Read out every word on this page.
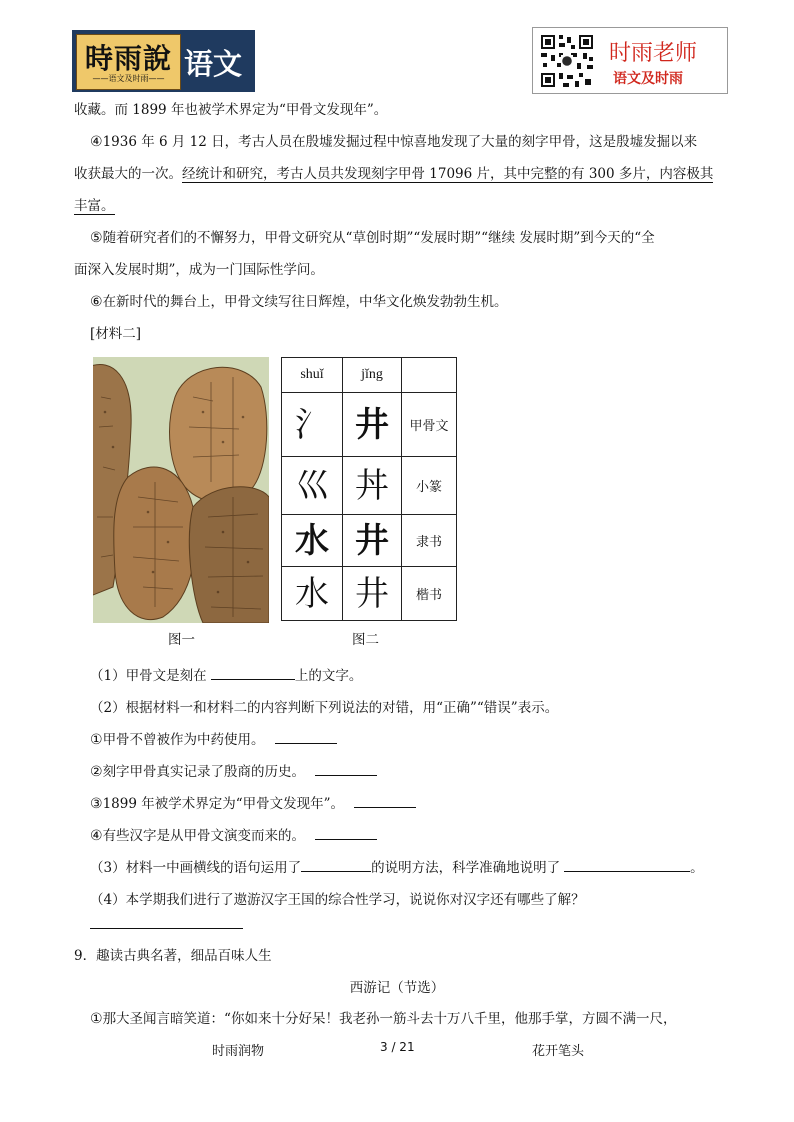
時雨說
——语文及时雨—— 语文	时雨老师
语文及时雨
收藏。而 1899 年也被学术界定为“甲骨文发现年”。
④1936 年 6 月 12 日，考古人员在殷墟发掘过程中惊喜地发现了大量的刻字甲骨，这是殷墟发掘以来
收获最大的一次。经统计和研究，考古人员共发现刻字甲骨 17096 片，其中完整的有 300 多片，内容极其
丰富。
⑤随着研究者们的不懈努力，甲骨文研究从“草创时期”“发展时期”“继续 发展时期”到今天的“全
面深入发展时期”，成为一门国际性学问。
⑥在新时代的舞台上，甲骨文续写往日辉煌，中华文化焕发勃勃生机。
[材料二]
shuǐ	jǐng	
氵	井	甲骨文
巛	丼	小篆
水	井	隶书
水	井	楷书
图一	图二
（1）甲骨文是刻在	上的文字。
（2）根据材料一和材料二的内容判断下列说法的对错，用“正确”“错误”表示。
①甲骨不曾被作为中药使用。
②刻字甲骨真实记录了殷商的历史。
③1899 年被学术界定为“甲骨文发现年”。
④有些汉字是从甲骨文演变而来的。
（3）材料一中画横线的语句运用了	的说明方法，科学准确地说明了	。
（4）本学期我们进行了遨游汉字王国的综合性学习，说说你对汉字还有哪些了解？
9．趣读古典名著，细品百味人生
西游记（节选）
①那大圣闻言暗笑道：“你如来十分好呆！我老孙一筋斗去十万八千里，他那手掌，方圆不满一尺，
时雨润物	3 / 21	花开笔头
